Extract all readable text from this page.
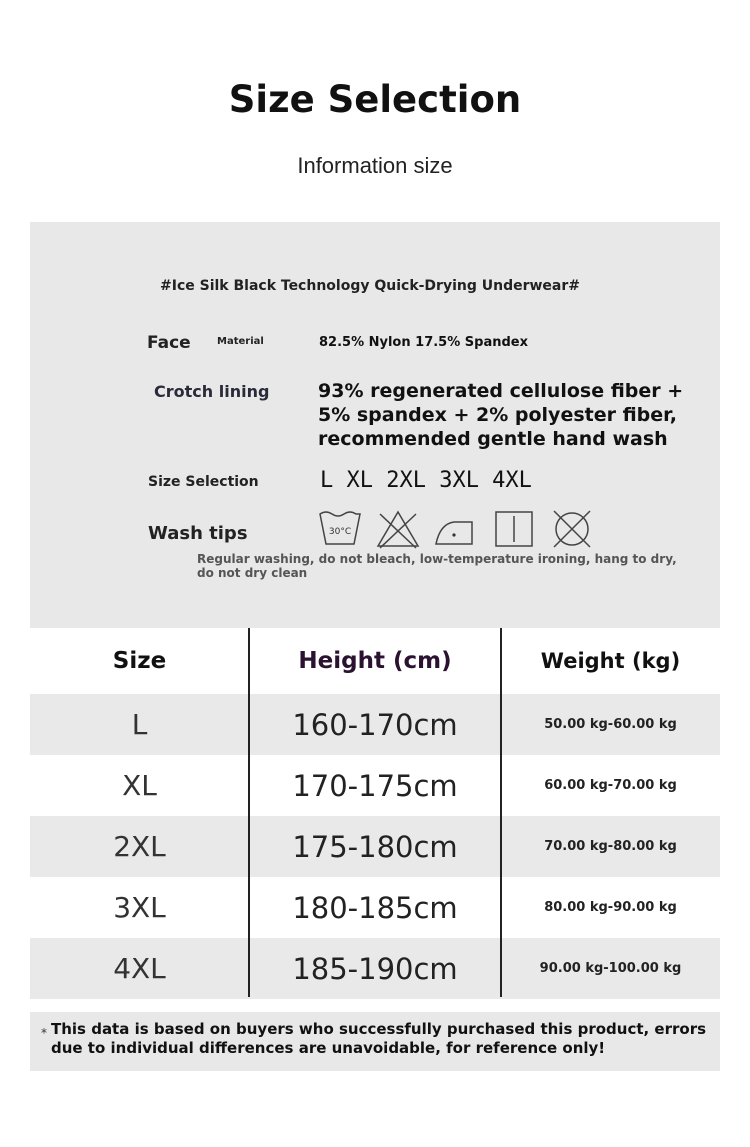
Size Selection
Information size
#Ice Silk Black Technology Quick-Drying Underwear#
Face	Material	82.5% Nylon 17.5% Spandex
Crotch lining	93% regenerated cellulose fiber + 5% spandex + 2% polyester fiber, recommended gentle hand wash
Size Selection	L XL 2XL 3XL 4XL
Wash tips	30°C
Regular washing, do not bleach, low-temperature ironing, hang to dry, do not dry clean
Size	Height (cm)	Weight (kg)
L	160-170cm	50.00 kg-60.00 kg
XL	170-175cm	60.00 kg-70.00 kg
2XL	175-180cm	70.00 kg-80.00 kg
3XL	180-185cm	80.00 kg-90.00 kg
4XL	185-190cm	90.00 kg-100.00 kg
* This data is based on buyers who successfully purchased this product, errors due to individual differences are unavoidable, for reference only!
